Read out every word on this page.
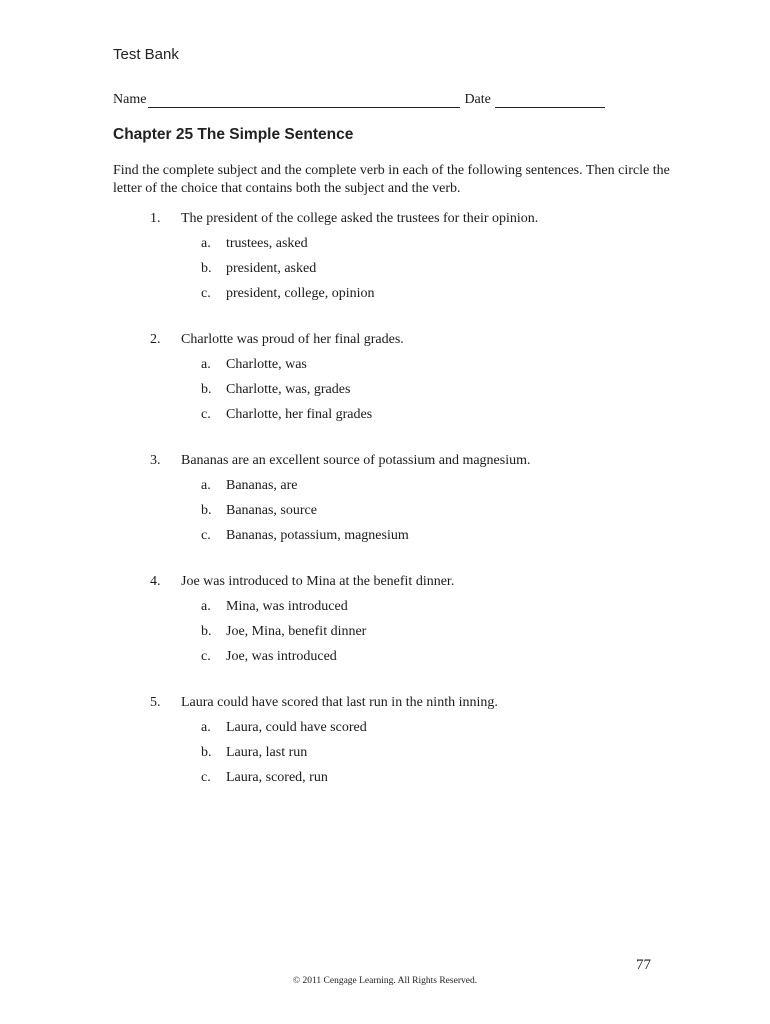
Test Bank
Name	Date
Chapter 25 The Simple Sentence
Find the complete subject and the complete verb in each of the following sentences. Then circle the letter of the choice that contains both the subject and the verb.
1.	The president of the college asked the trustees for their opinion.
a.	trustees, asked
b.	president, asked
c.	president, college, opinion
2.	Charlotte was proud of her final grades.
a.	Charlotte, was
b.	Charlotte, was, grades
c.	Charlotte, her final grades
3.	Bananas are an excellent source of potassium and magnesium.
a.	Bananas, are
b.	Bananas, source
c.	Bananas, potassium, magnesium
4.	Joe was introduced to Mina at the benefit dinner.
a.	Mina, was introduced
b.	Joe, Mina, benefit dinner
c.	Joe, was introduced
5.	Laura could have scored that last run in the ninth inning.
a.	Laura, could have scored
b.	Laura, last run
c.	Laura, scored, run
77
© 2011 Cengage Learning. All Rights Reserved.
